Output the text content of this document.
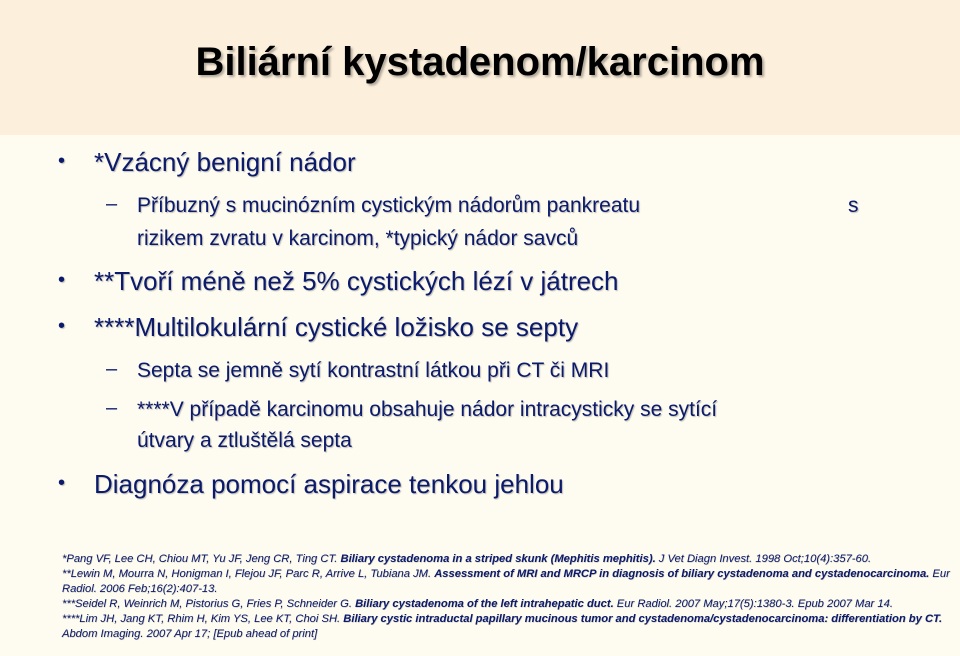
Biliární kystadenom/karcinom
• *Vzácný benigní nádor
– Příbuzný s mucinózním cystickým nádorům pankreatu	s
rizikem zvratu v karcinom, *typický nádor savců
• **Tvoří méně než 5% cystických lézí v játrech
• ****Multilokulární cystické ložisko se septy
– Septa se jemně sytí kontrastní látkou při CT či MRI
– ****V případě karcinomu obsahuje nádor intracysticky se sytící
útvary a ztluštělá septa
• Diagnóza pomocí aspirace tenkou jehlou
*Pang VF, Lee CH, Chiou MT, Yu JF, Jeng CR, Ting CT. Biliary cystadenoma in a striped skunk (Mephitis mephitis). J Vet Diagn Invest. 1998 Oct;10(4):357-60.
**Lewin M, Mourra N, Honigman I, Flejou JF, Parc R, Arrive L, Tubiana JM. Assessment of MRI and MRCP in diagnosis of biliary cystadenoma and cystadenocarcinoma. Eur Radiol. 2006 Feb;16(2):407-13.
***Seidel R, Weinrich M, Pistorius G, Fries P, Schneider G. Biliary cystadenoma of the left intrahepatic duct. Eur Radiol. 2007 May;17(5):1380-3. Epub 2007 Mar 14.
****Lim JH, Jang KT, Rhim H, Kim YS, Lee KT, Choi SH. Biliary cystic intraductal papillary mucinous tumor and cystadenoma/cystadenocarcinoma: differentiation by CT. Abdom Imaging. 2007 Apr 17; [Epub ahead of print]
